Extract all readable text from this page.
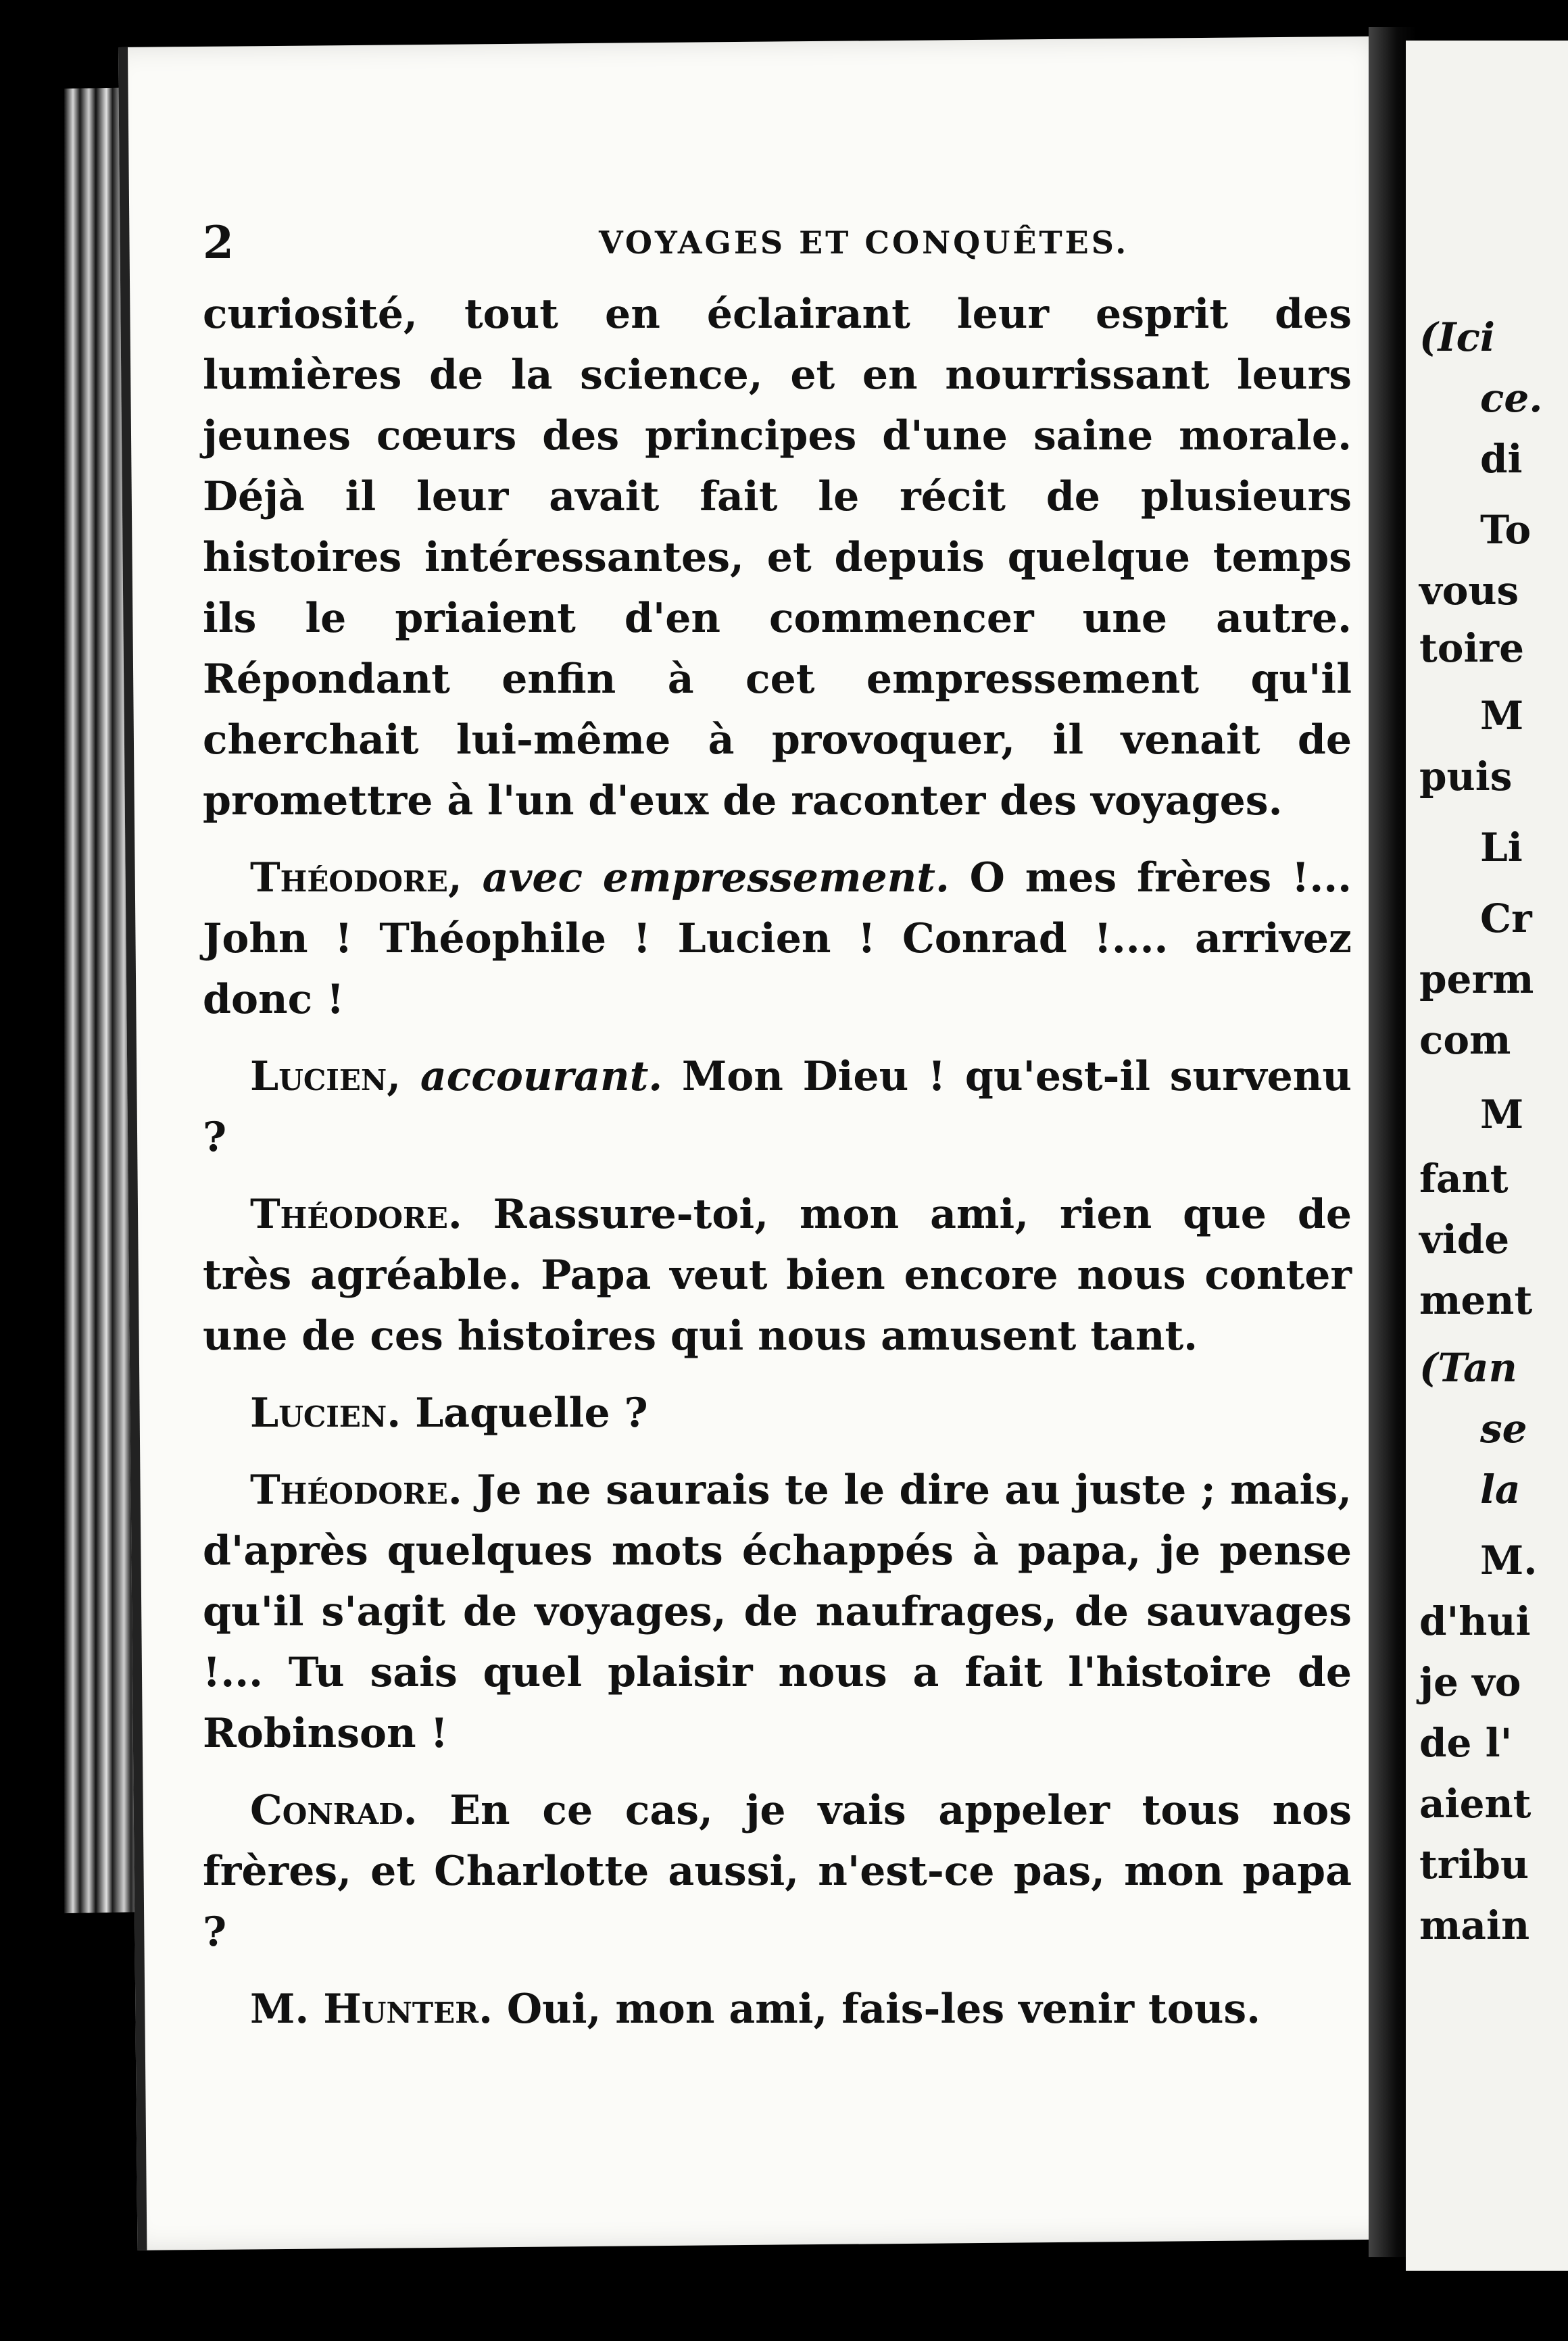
(Ici
ce.
di
To
vous
toire
M
puis
Li
Cr
perm
com
M
fant
vide
ment
(Tan
se
la
M.
d'hui
je vo
de l'
aient
tribu
main
2	VOYAGES ET CONQUÊTES.

curiosité, tout en éclairant leur esprit des lumières de la science, et en nourrissant leurs jeunes cœurs des principes d'une saine morale. Déjà il leur avait fait le récit de plusieurs histoires intéressantes, et depuis quelque temps ils le priaient d'en commencer une autre. Répondant enfin à cet empressement qu'il cherchait lui-même à provoquer, il venait de promettre à l'un d'eux de raconter des voyages.

Théodore, avec empressement. O mes frères !... John ! Théophile ! Lucien ! Conrad !.... arrivez donc !

Lucien, accourant. Mon Dieu ! qu'est-il survenu ?

Théodore. Rassure-toi, mon ami, rien que de très agréable. Papa veut bien encore nous conter une de ces histoires qui nous amusent tant.

Lucien. Laquelle ?

Théodore. Je ne saurais te le dire au juste ; mais, d'après quelques mots échappés à papa, je pense qu'il s'agit de voyages, de naufrages, de sauvages !... Tu sais quel plaisir nous a fait l'histoire de Robinson !

Conrad. En ce cas, je vais appeler tous nos frères, et Charlotte aussi, n'est-ce pas, mon papa ?

M. Hunter. Oui, mon ami, fais-les venir tous.
